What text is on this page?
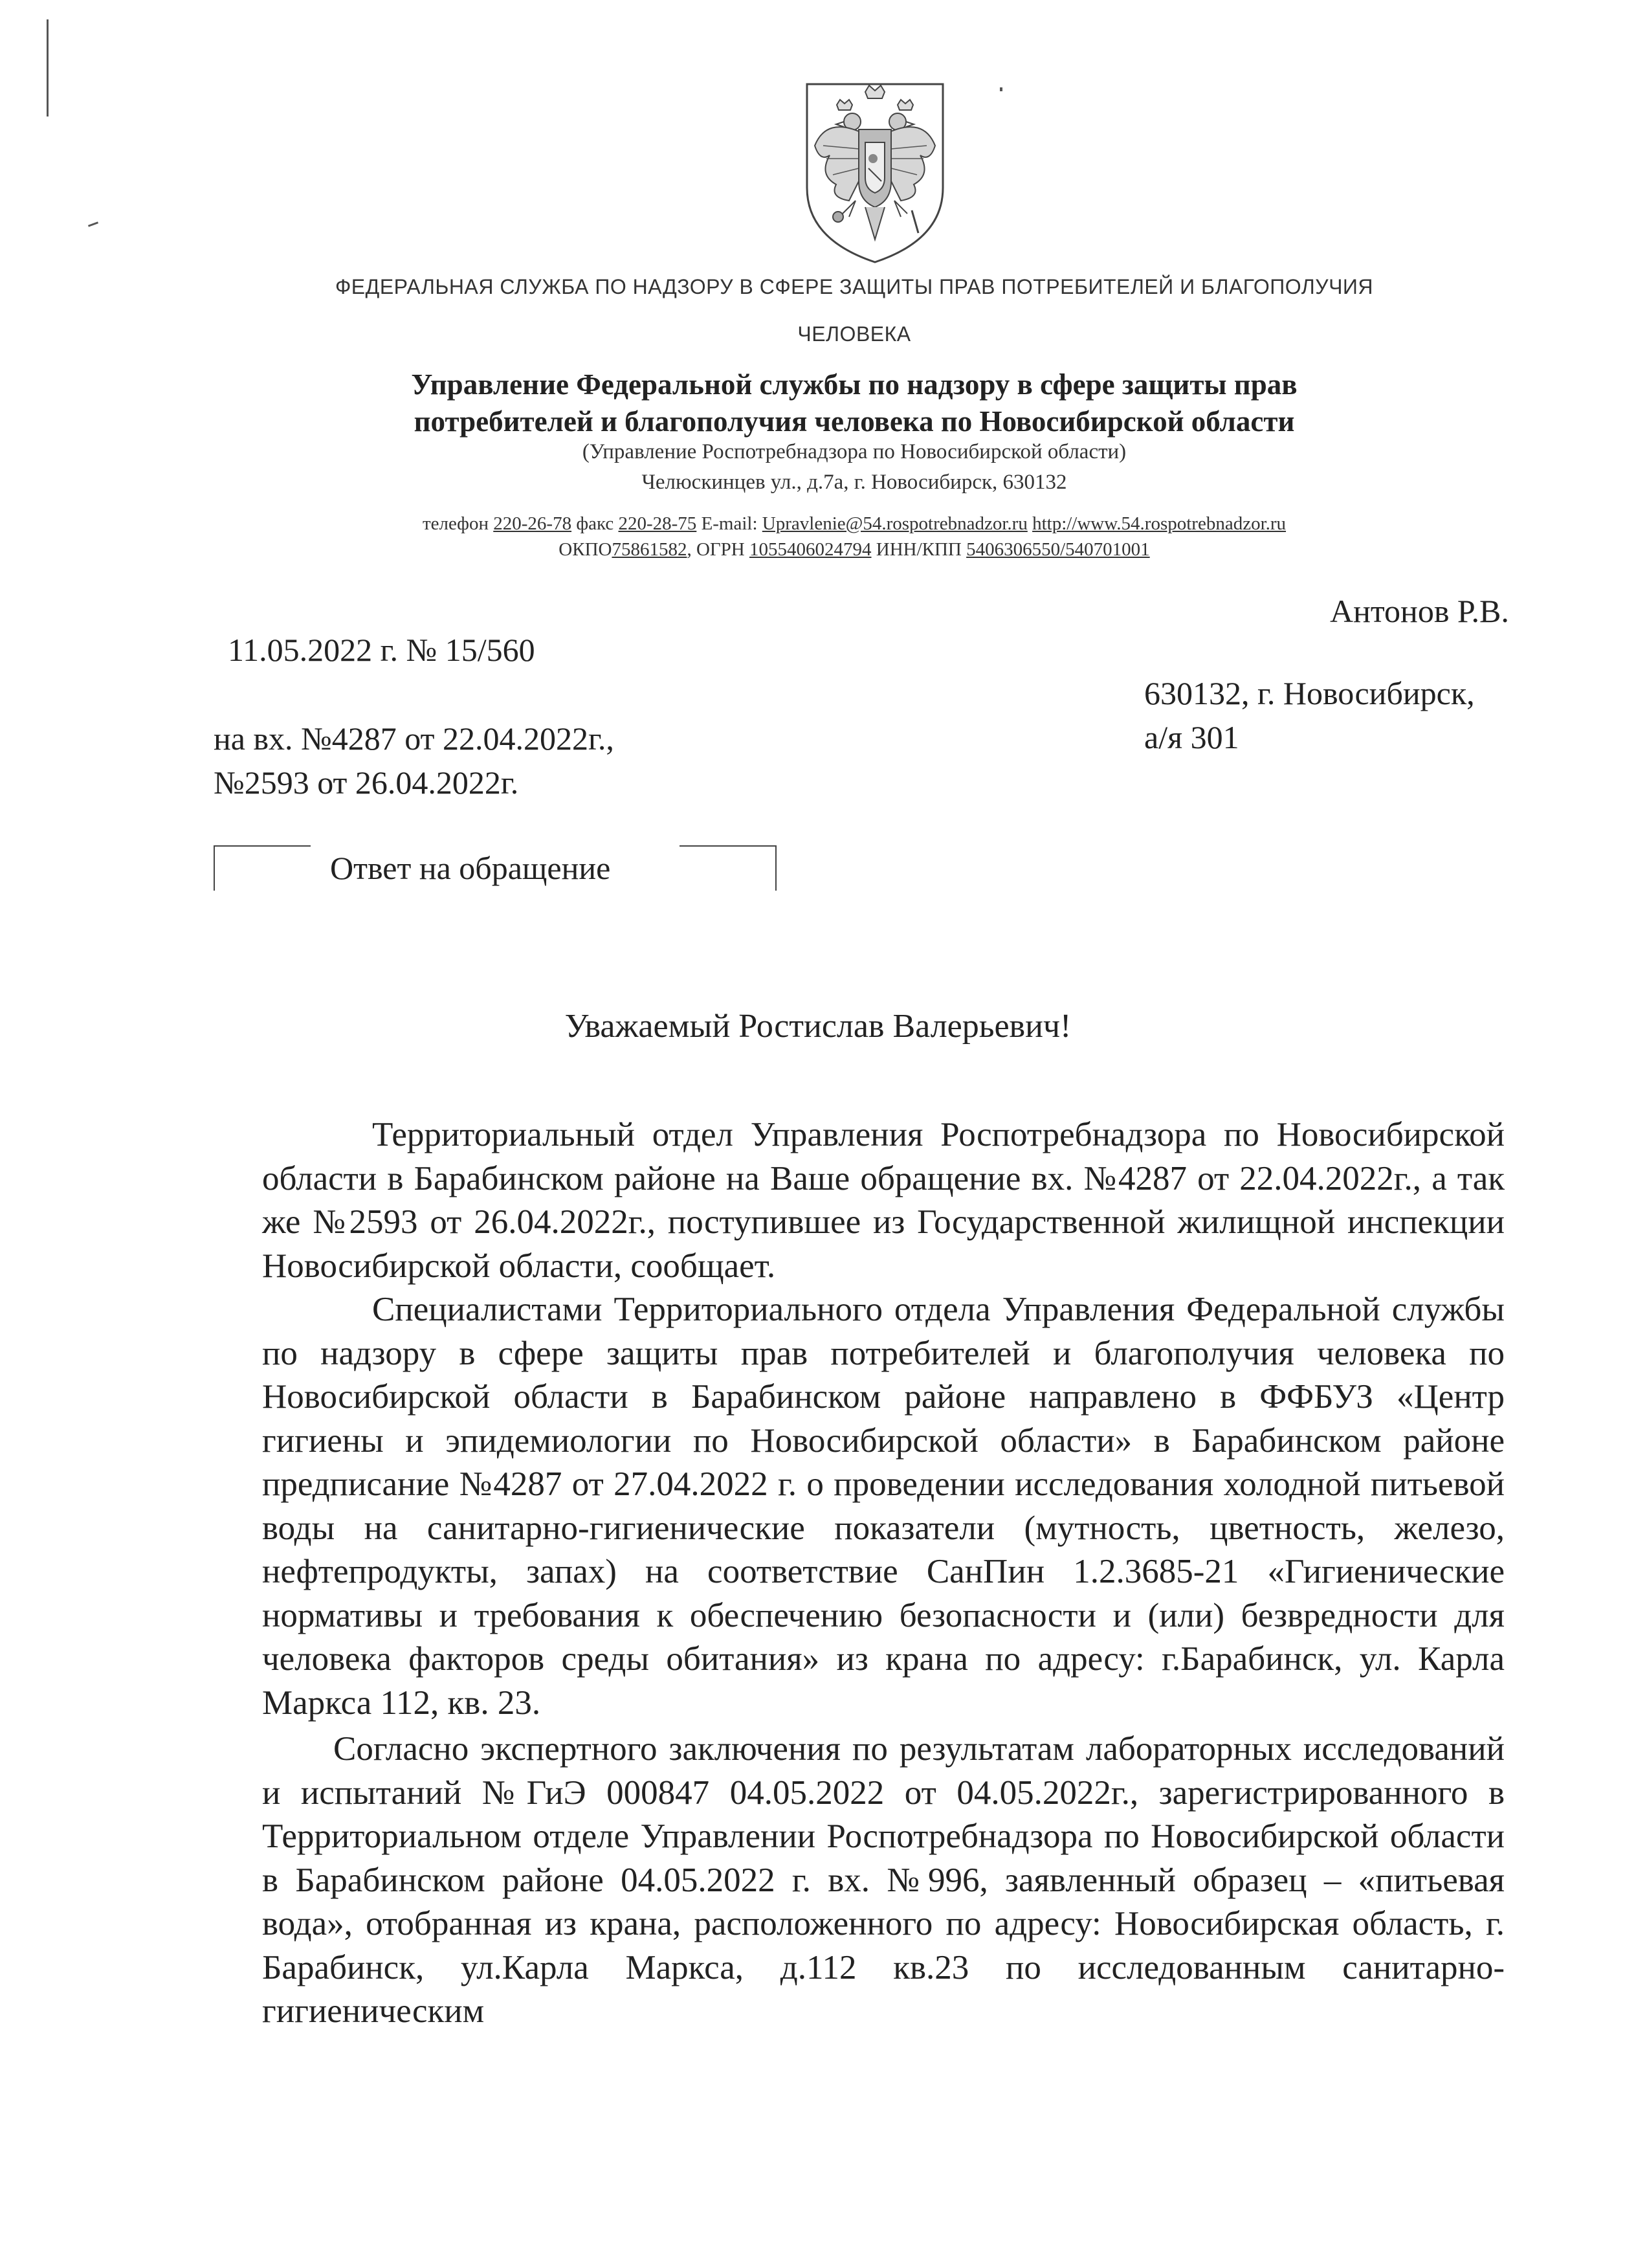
ФЕДЕРАЛЬНАЯ СЛУЖБА ПО НАДЗОРУ В СФЕРЕ ЗАЩИТЫ ПРАВ ПОТРЕБИТЕЛЕЙ И БЛАГОПОЛУЧИЯ
ЧЕЛОВЕКА
Управление Федеральной службы по надзору в сфере защиты прав
потребителей и благополучия человека по Новосибирской области
(Управление Роспотребнадзора по Новосибирской области)
Челюскинцев ул., д.7а, г. Новосибирск, 630132
телефон 220-26-78 факс 220-28-75 E-mail: Upravlenie@54.rospotrebnadzor.ru http://www.54.rospotrebnadzor.ru
ОКПО75861582, ОГРН 1055406024794 ИНН/КПП 5406306550/540701001
Антонов Р.В.
630132, г. Новосибирск,
а/я 301
11.05.2022 г. № 15/560
на вх. №4287 от 22.04.2022г.,
№2593 от 26.04.2022г.
Ответ на обращение
Уважаемый Ростислав Валерьевич!

Территориальный отдел Управления Роспотребнадзора по Новосибирской области в Барабинском районе на Ваше обращение вх. №4287 от 22.04.2022г., а так же №2593 от 26.04.2022г., поступившее из Государственной жилищной инспекции Новосибирской области, сообщает.

Специалистами Территориального отдела Управления Федеральной службы по надзору в сфере защиты прав потребителей и благополучия человека по Новосибирской области в Барабинском районе направлено в ФФБУЗ «Центр гигиены и эпидемиологии по Новосибирской области» в Барабинском районе предписание №4287 от 27.04.2022 г. о проведении исследования холодной питьевой воды на санитарно-гигиенические показатели (мутность, цветность, железо, нефтепродукты, запах) на соответствие СанПин 1.2.3685-21 «Гигиенические нормативы и требования к обеспечению безопасности и (или) безвредности для человека факторов среды обитания» из крана по адресу: г.Барабинск, ул. Карла Маркса 112, кв. 23.

Согласно экспертного заключения по результатам лабораторных исследований и испытаний №ГиЭ 000847 04.05.2022 от 04.05.2022г., зарегистрированного в Территориальном отделе Управлении Роспотребнадзора по Новосибирской области в Барабинском районе 04.05.2022 г. вх. №996, заявленный образец – «питьевая вода», отобранная из крана, расположенного по адресу: Новосибирская область, г. Барабинск, ул.Карла Маркса, д.112 кв.23 по исследованным санитарно-гигиеническим
